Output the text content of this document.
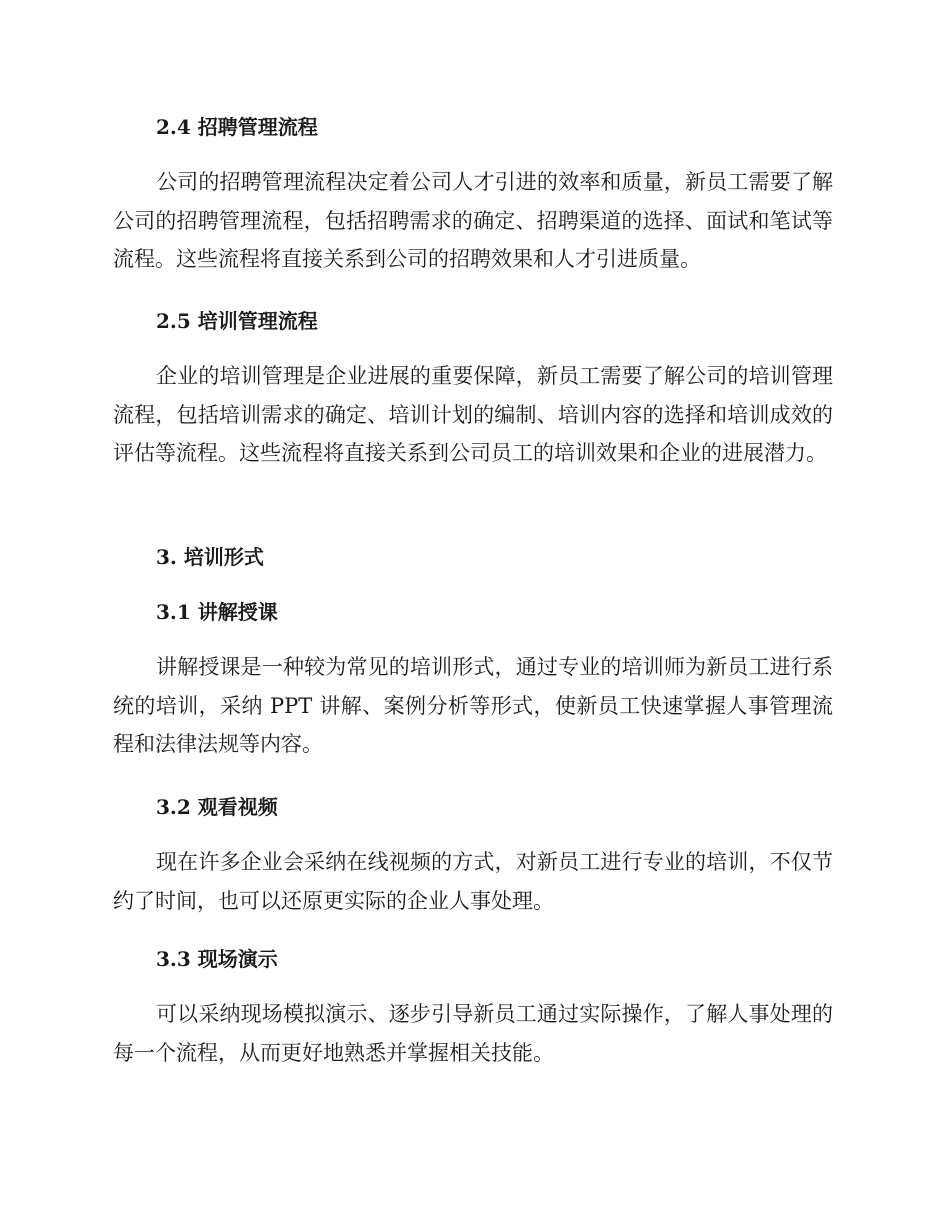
2.4 招聘管理流程
公司的招聘管理流程决定着公司人才引进的效率和质量，新员工需要了解公司的招聘管理流程，包括招聘需求的确定、招聘渠道的选择、面试和笔试等流程。这些流程将直接关系到公司的招聘效果和人才引进质量。
2.5 培训管理流程
企业的培训管理是企业进展的重要保障，新员工需要了解公司的培训管理流程，包括培训需求的确定、培训计划的编制、培训内容的选择和培训成效的评估等流程。这些流程将直接关系到公司员工的培训效果和企业的进展潜力。
3. 培训形式
3.1 讲解授课
讲解授课是一种较为常见的培训形式，通过专业的培训师为新员工进行系统的培训，采纳 PPT 讲解、案例分析等形式，使新员工快速掌握人事管理流程和法律法规等内容。
3.2 观看视频
现在许多企业会采纳在线视频的方式，对新员工进行专业的培训，不仅节约了时间，也可以还原更实际的企业人事处理。
3.3 现场演示
可以采纳现场模拟演示、逐步引导新员工通过实际操作，了解人事处理的每一个流程，从而更好地熟悉并掌握相关技能。
